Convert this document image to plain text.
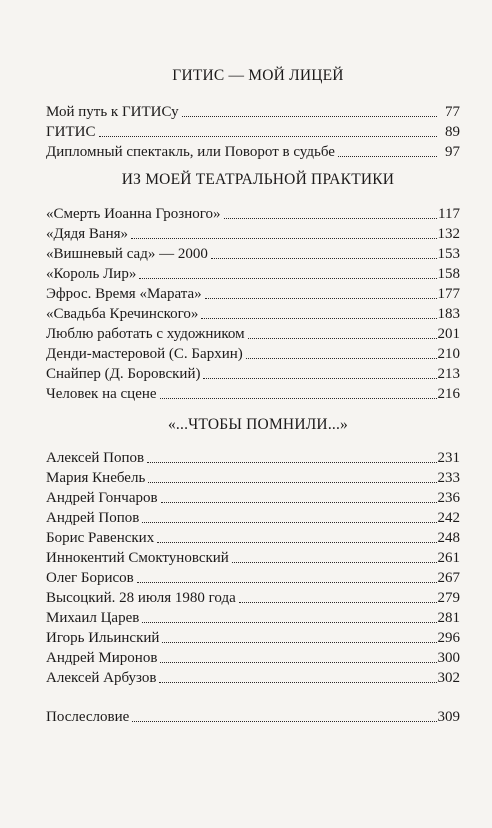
ГИТИС — МОЙ ЛИЦЕЙ
Мой путь к ГИТИСу	77
ГИТИС	89
Дипломный спектакль, или Поворот в судьбе	97
ИЗ МОЕЙ ТЕАТРАЛЬНОЙ ПРАКТИКИ
«Смерть Иоанна Грозного»	117
«Дядя Ваня»	132
«Вишневый сад» — 2000	153
«Король Лир»	158
Эфрос. Время «Марата»	177
«Свадьба Кречинского»	183
Люблю работать с художником	201
Денди-мастеровой (С. Бархин)	210
Снайпер (Д. Боровский)	213
Человек на сцене	216
«...ЧТОБЫ ПОМНИЛИ...»
Алексей Попов	231
Мария Кнебель	233
Андрей Гончаров	236
Андрей Попов	242
Борис Равенских	248
Иннокентий Смоктуновский	261
Олег Борисов	267
Высоцкий. 28 июля 1980 года	279
Михаил Царев	281
Игорь Ильинский	296
Андрей Миронов	300
Алексей Арбузов	302
Послесловие	309
